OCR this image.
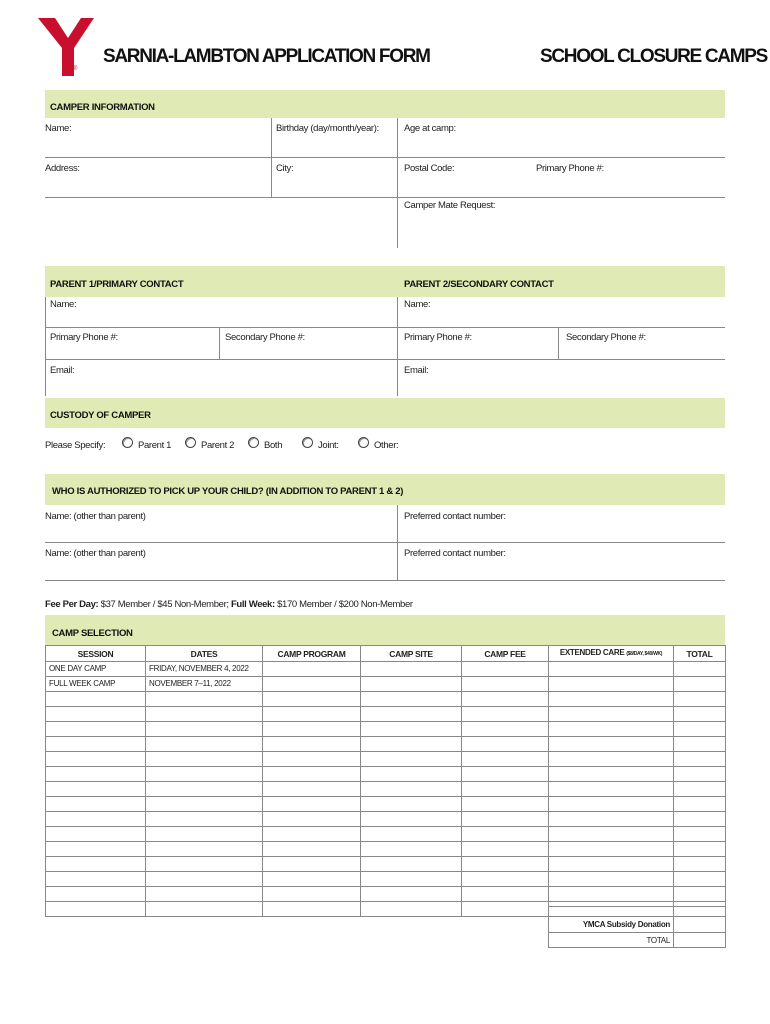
®
SARNIA-LAMBTON APPLICATION FORM	SCHOOL CLOSURE CAMPS
CAMPER INFORMATION
Name:	Birthday (day/month/year):	Age at camp:
Address:	City:	Postal Code:	Primary Phone #:
Camper Mate Request:
PARENT 1/PRIMARY CONTACT	PARENT 2/SECONDARY CONTACT
Name:	Name:
Primary Phone #:	Secondary Phone #:	Primary Phone #:	Secondary Phone #:
Email:	Email:
CUSTODY OF CAMPER
Please Specify:	Parent 1	Parent 2	Both	Joint:	Other:
WHO IS AUTHORIZED TO PICK UP YOUR CHILD? (IN ADDITION TO PARENT 1 & 2)
Name: (other than parent)	Preferred contact number:
Name: (other than parent)	Preferred contact number:
Fee Per Day: $37 Member / $45 Non-Member; Full Week: $170 Member / $200 Non-Member
CAMP SELECTION
SESSION	DATES	CAMP PROGRAM	CAMP SITE	CAMP FEE	EXTENDED CARE ($8/DAY, $40/WK)	TOTAL
ONE DAY CAMP	FRIDAY, NOVEMBER 4, 2022					
FULL WEEK CAMP	NOVEMBER 7–11, 2022					

YMCA Subsidy Donation	
TOTAL	
